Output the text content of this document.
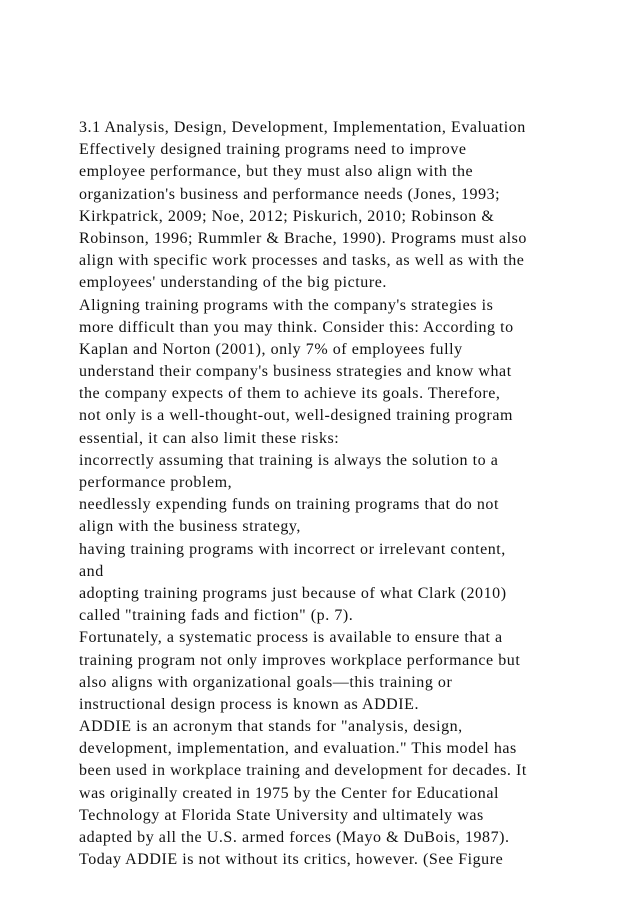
3.1 Analysis, Design, Development, Implementation, Evaluation
Effectively designed training programs need to improve
employee performance, but they must also align with the
organization's business and performance needs (Jones, 1993;
Kirkpatrick, 2009; Noe, 2012; Piskurich, 2010; Robinson &
Robinson, 1996; Rummler & Brache, 1990). Programs must also
align with specific work processes and tasks, as well as with the
employees' understanding of the big picture.
Aligning training programs with the company's strategies is
more difficult than you may think. Consider this: According to
Kaplan and Norton (2001), only 7% of employees fully
understand their company's business strategies and know what
the company expects of them to achieve its goals. Therefore,
not only is a well-thought-out, well-designed training program
essential, it can also limit these risks:
incorrectly assuming that training is always the solution to a
performance problem,
needlessly expending funds on training programs that do not
align with the business strategy,
having training programs with incorrect or irrelevant content,
and
adopting training programs just because of what Clark (2010)
called "training fads and fiction" (p. 7).
Fortunately, a systematic process is available to ensure that a
training program not only improves workplace performance but
also aligns with organizational goals—this training or
instructional design process is known as ADDIE.
ADDIE is an acronym that stands for "analysis, design,
development, implementation, and evaluation." This model has
been used in workplace training and development for decades. It
was originally created in 1975 by the Center for Educational
Technology at Florida State University and ultimately was
adapted by all the U.S. armed forces (Mayo & DuBois, 1987).
Today ADDIE is not without its critics, however. (See Figure
